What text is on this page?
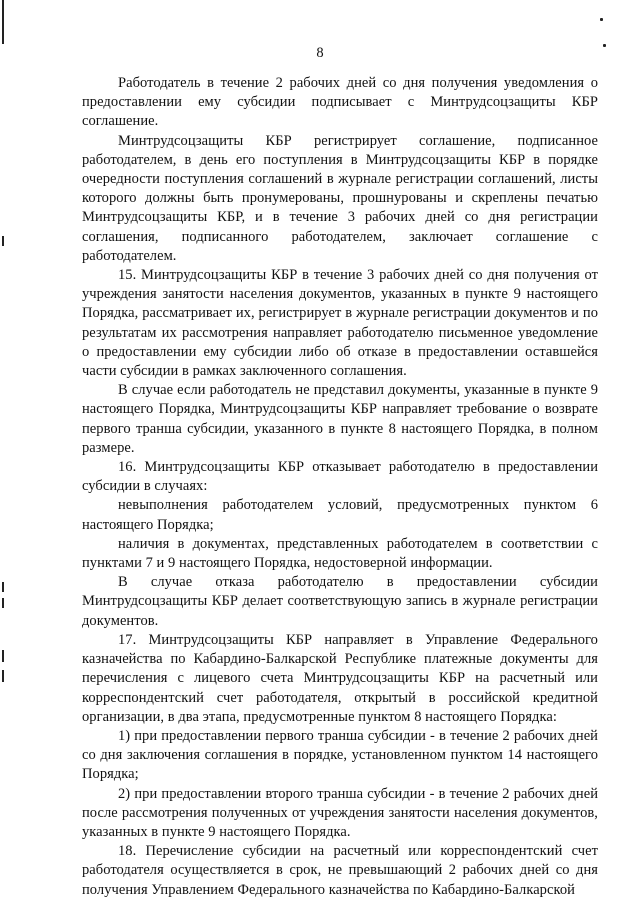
8

Работодатель в течение 2 рабочих дней со дня получения уведомления о предоставлении ему субсидии подписывает с Минтрудсоцзащиты КБР соглашение.

Минтрудсоцзащиты КБР регистрирует соглашение, подписанное работодателем, в день его поступления в Минтрудсоцзащиты КБР в порядке очередности поступления соглашений в журнале регистрации соглашений, листы которого должны быть пронумерованы, прошнурованы и скреплены печатью Минтрудсоцзащиты КБР, и в течение 3 рабочих дней со дня регистрации соглашения, подписанного работодателем, заключает соглашение с работодателем.

15. Минтрудсоцзащиты КБР в течение 3 рабочих дней со дня получения от учреждения занятости населения документов, указанных в пункте 9 настоящего Порядка, рассматривает их, регистрирует в журнале регистрации документов и по результатам их рассмотрения направляет работодателю письменное уведомление о предоставлении ему субсидии либо об отказе в предоставлении оставшейся части субсидии в рамках заключенного соглашения.

В случае если работодатель не представил документы, указанные в пункте 9 настоящего Порядка, Минтрудсоцзащиты КБР направляет требование о возврате первого транша субсидии, указанного в пункте 8 настоящего Порядка, в полном размере.

16. Минтрудсоцзащиты КБР отказывает работодателю в предоставлении субсидии в случаях:

невыполнения работодателем условий, предусмотренных пунктом 6 настоящего Порядка;

наличия в документах, представленных работодателем в соответствии с пунктами 7 и 9 настоящего Порядка, недостоверной информации.

В случае отказа работодателю в предоставлении субсидии Минтрудсоцзащиты КБР делает соответствующую запись в журнале регистрации документов.

17. Минтрудсоцзащиты КБР направляет в Управление Федерального казначейства по Кабардино-Балкарской Республике платежные документы для перечисления с лицевого счета Минтрудсоцзащиты КБР на расчетный или корреспондентский счет работодателя, открытый в российской кредитной организации, в два этапа, предусмотренные пунктом 8 настоящего Порядка:

1) при предоставлении первого транша субсидии - в течение 2 рабочих дней со дня заключения соглашения в порядке, установленном пунктом 14 настоящего Порядка;

2) при предоставлении второго транша субсидии - в течение 2 рабочих дней после рассмотрения полученных от учреждения занятости населения документов, указанных в пункте 9 настоящего Порядка.

18. Перечисление субсидии на расчетный или корреспондентский счет работодателя осуществляется в срок, не превышающий 2 рабочих дней со дня получения Управлением Федерального казначейства по Кабардино-Балкарской
